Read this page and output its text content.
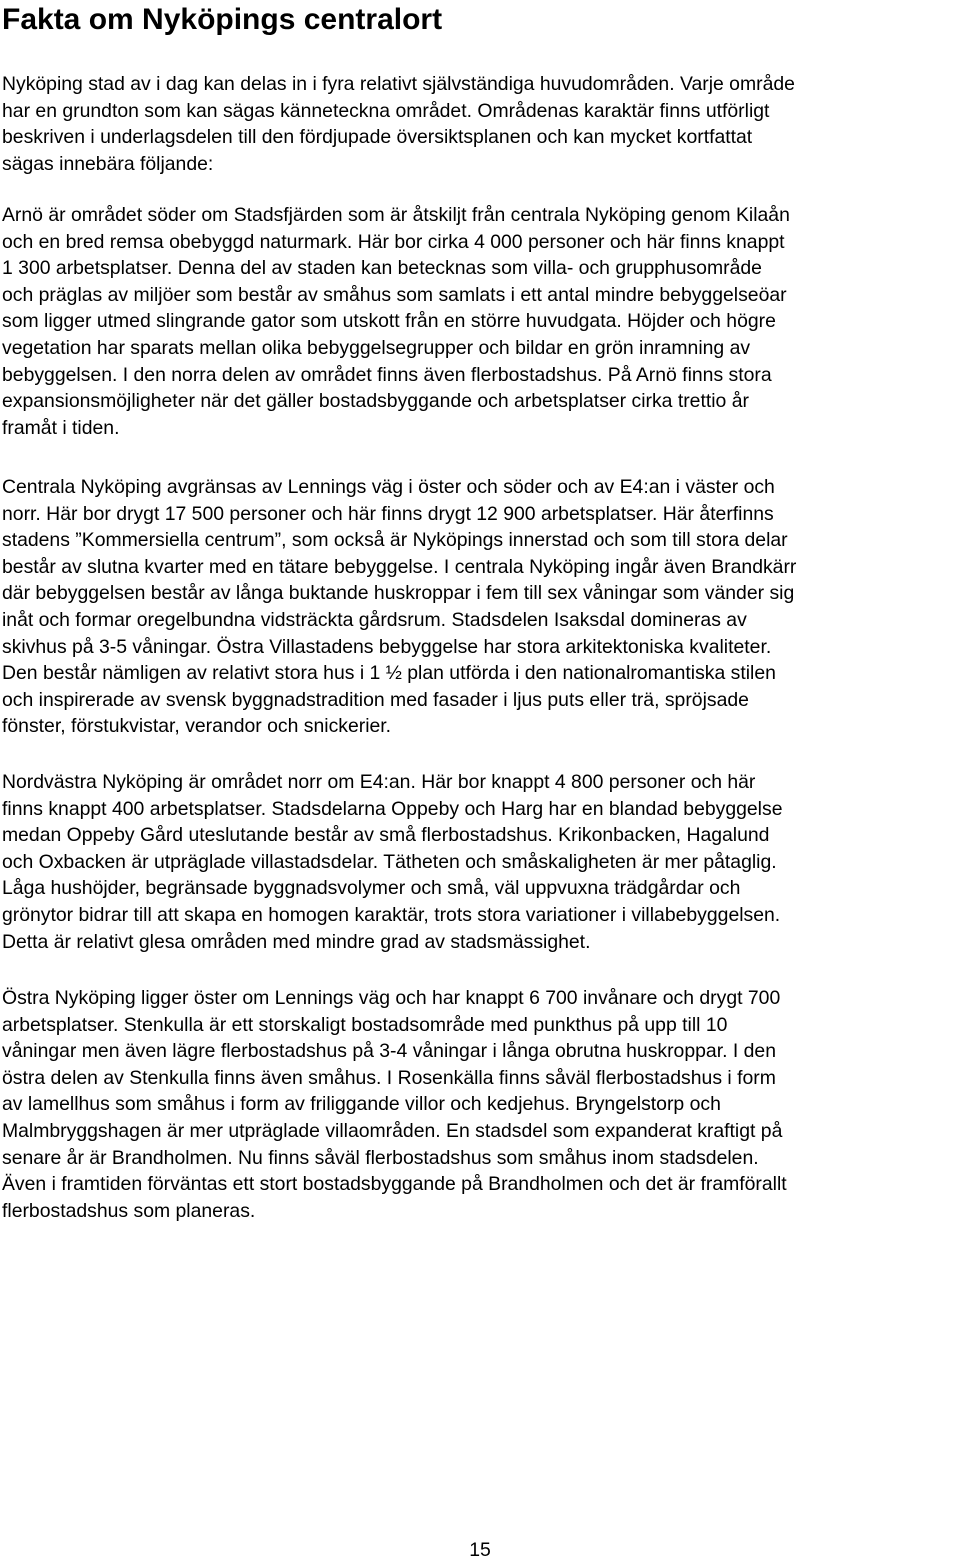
Fakta om Nyköpings centralort

Nyköping stad av i dag kan delas in i fyra relativt självständiga huvudområden. Varje område
har en grundton som kan sägas kännetecknа området. Områdenas karaktär finns utförligt
beskriven i underlagsdelen till den fördjupade översiktsplanen och kan mycket kortfattat
sägas innebära följande:

Arnö är området söder om Stadsfjärden som är åtskiljt från centrala Nyköping genom Kilaån
och en bred remsa obebyggd naturmark. Här bor cirka 4 000 personer och här finns knappt
1 300 arbetsplatser. Denna del av staden kan betecknas som villa- och grupphusområde
och präglas av miljöer som består av småhus som samlats i ett antal mindre bebyggelseöar
som ligger utmed slingrande gator som utskott från en större huvudgata. Höjder och högre
vegetation har sparats mellan olika bebyggelsegrupper och bildar en grön inramning av
bebyggelsen. I den norra delen av området finns även flerbostadshus. På Arnö finns stora
expansionsmöjligheter när det gäller bostadsbyggande och arbetsplatser cirka trettio år
framåt i tiden.

Centrala Nyköping avgränsas av Lennings väg i öster och söder och av E4:an i väster och
norr. Här bor drygt 17 500 personer och här finns drygt 12 900 arbetsplatser. Här återfinns
stadens ”Kommersiella centrum”, som också är Nyköpings innerstad och som till stora delar
består av slutna kvarter med en tätare bebyggelse. I centrala Nyköping ingår även Brandkärr
där bebyggelsen består av långa buktande huskroppar i fem till sex våningar som vänder sig
inåt och formar oregelbundna vidsträckta gårdsrum. Stadsdelen Isaksdal domineras av
skivhus på 3-5 våningar. Östra Villastadens bebyggelse har stora arkitektoniska kvaliteter.
Den består nämligen av relativt stora hus i 1 ½ plan utförda i den nationalromantiska stilen
och inspirerade av svensk byggnadstradition med fasader i ljus puts eller trä, spröjsade
fönster, förstukvistar, verandor och snickerier.

Nordvästra Nyköping är området norr om E4:an. Här bor knappt 4 800 personer och här
finns knappt 400 arbetsplatser. Stadsdelarna Oppeby och Harg har en blandad bebyggelse
medan Oppeby Gård uteslutande består av små flerbostadshus. Krikonbacken, Hagalund
och Oxbacken är utpräglade villastadsdelar. Tätheten och småskaligheten är mer påtaglig.
Låga hushöjder, begränsade byggnadsvolymer och små, väl uppvuxna trädgårdar och
grönytor bidrar till att skapa en homogen karaktär, trots stora variationer i villabebyggelsen.
Detta är relativt glesa områden med mindre grad av stadsmässighet.

Östra Nyköping ligger öster om Lennings väg och har knappt 6 700 invånare och drygt 700
arbetsplatser. Stenkulla är ett storskaligt bostadsområde med punkthus på upp till 10
våningar men även lägre flerbostadshus på 3-4 våningar i långa obrutna huskroppar. I den
östra delen av Stenkulla finns även småhus. I Rosenkälla finns såväl flerbostadshus i form
av lamellhus som småhus i form av friliggande villor och kedjehus. Bryngelstorp och
Malmbryggshagen är mer utpräglade villaområden. En stadsdel som expanderat kraftigt på
senare år är Brandholmen. Nu finns såväl flerbostadshus som småhus inom stadsdelen.
Även i framtiden förväntas ett stort bostadsbyggande på Brandholmen och det är framförallt
flerbostadshus som planeras.

15
